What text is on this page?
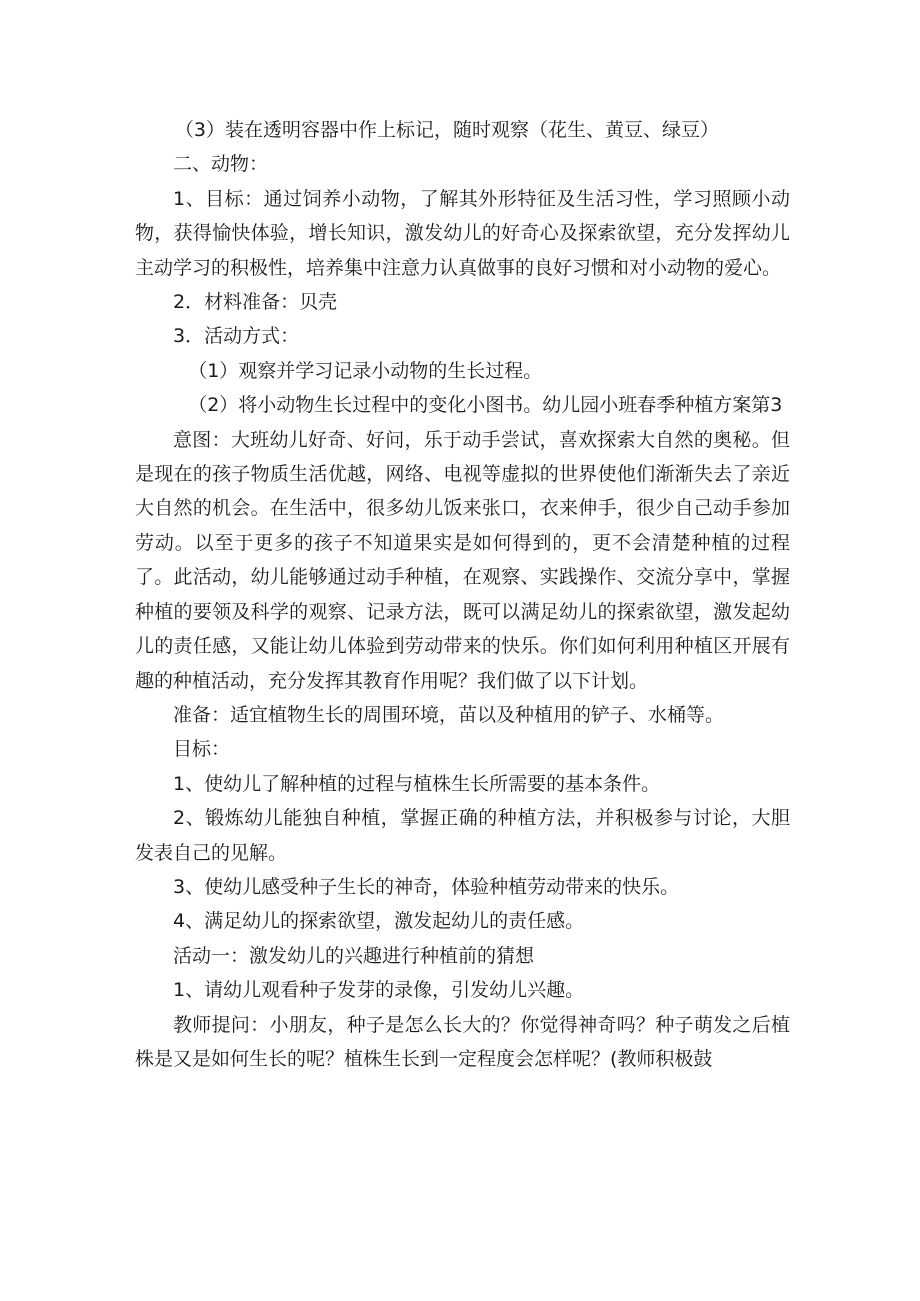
（3）装在透明容器中作上标记，随时观察（花生、黄豆、绿豆）

二、动物：

1、目标：通过饲养小动物，了解其外形特征及生活习性，学习照顾小动物，获得愉快体验，增长知识，激发幼儿的好奇心及探索欲望，充分发挥幼儿主动学习的积极性，培养集中注意力认真做事的良好习惯和对小动物的爱心。

2．材料准备：贝壳

3．活动方式：

（1）观察并学习记录小动物的生长过程。

（2）将小动物生长过程中的变化小图书。幼儿园小班春季种植方案第3

意图：大班幼儿好奇、好问，乐于动手尝试，喜欢探索大自然的奥秘。但是现在的孩子物质生活优越，网络、电视等虚拟的世界使他们渐渐失去了亲近大自然的机会。在生活中，很多幼儿饭来张口，衣来伸手，很少自己动手参加劳动。以至于更多的孩子不知道果实是如何得到的，更不会清楚种植的过程了。此活动，幼儿能够通过动手种植，在观察、实践操作、交流分享中，掌握种植的要领及科学的观察、记录方法，既可以满足幼儿的探索欲望，激发起幼儿的责任感，又能让幼儿体验到劳动带来的快乐。你们如何利用种植区开展有趣的种植活动，充分发挥其教育作用呢？我们做了以下计划。

准备：适宜植物生长的周围环境，苗以及种植用的铲子、水桶等。

目标：

1、使幼儿了解种植的过程与植株生长所需要的基本条件。

2、锻炼幼儿能独自种植，掌握正确的种植方法，并积极参与讨论，大胆发表自己的见解。

3、使幼儿感受种子生长的神奇，体验种植劳动带来的快乐。

4、满足幼儿的探索欲望，激发起幼儿的责任感。

活动一：激发幼儿的兴趣进行种植前的猜想

1、请幼儿观看种子发芽的录像，引发幼儿兴趣。

教师提问：小朋友，种子是怎么长大的？你觉得神奇吗？种子萌发之后植株是又是如何生长的呢？植株生长到一定程度会怎样呢？(教师积极鼓
